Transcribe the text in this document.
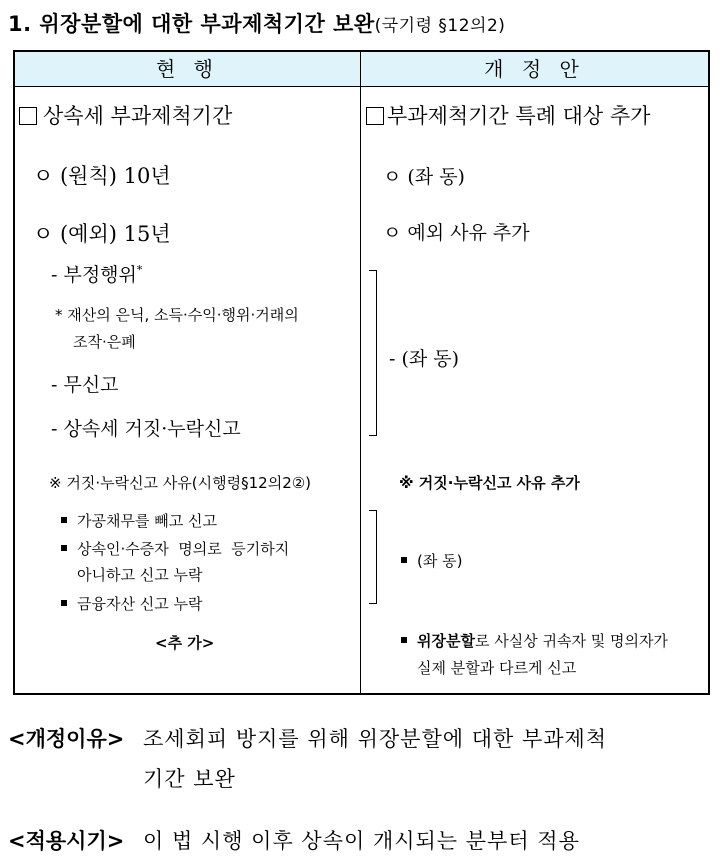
1. 위장분할에 대한 부과제척기간 보완(국기령 §12의2)
현 행	개 정 안
상속세 부과제척기간
ㅇ (원칙) 10년
ㅇ (예외) 15년
- 부정행위*
* 재산의 은닉, 소득·수익·행위·거래의
조작·은폐
- 무신고
- 상속세 거짓·누락신고
※ 거짓·누락신고 사유(시행령§12의2②)
가공채무를 빼고 신고
상속인·수증자  명의로  등기하지
아니하고 신고 누락
금융자산 신고 누락
<추 가>
부과제척기간 특례 대상 추가
ㅇ (좌 동)
ㅇ 예외 사유 추가
- (좌 동)
※ 거짓·누락신고 사유 추가
(좌 동)
위장분할로 사실상 귀속자 및 명의자가
실제 분할과 다르게 신고
<개정이유> 조세회피 방지를 위해 위장분할에 대한 부과제척
기간 보완
<적용시기> 이 법 시행 이후 상속이 개시되는 분부터 적용
